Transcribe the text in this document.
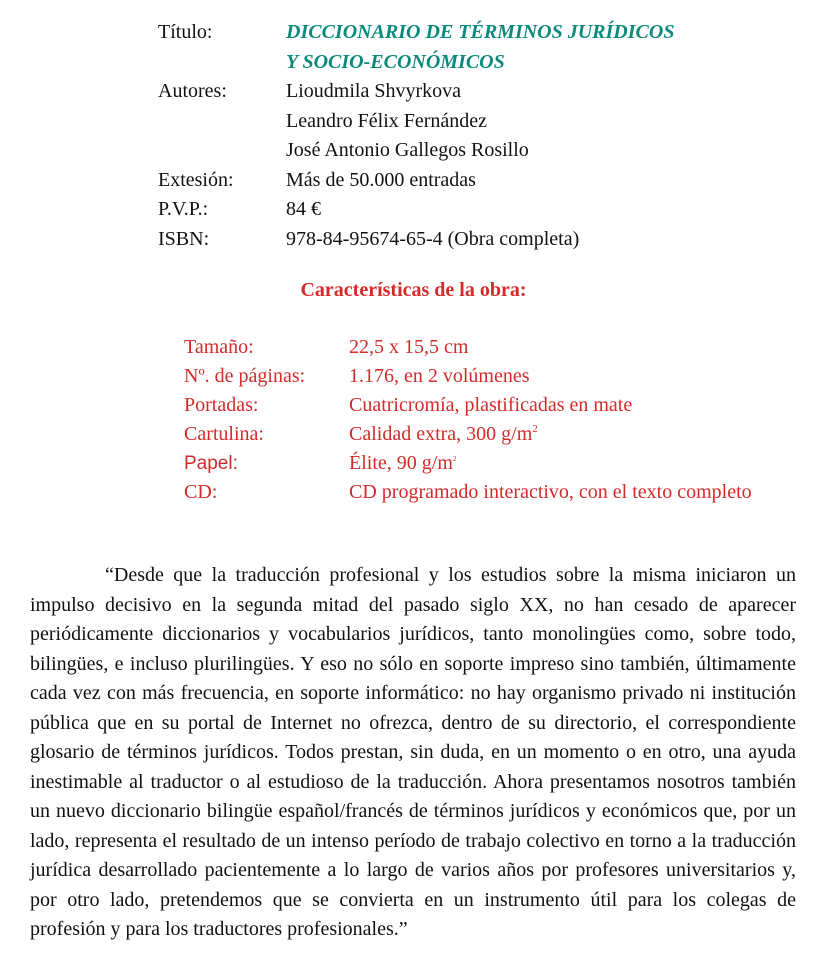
Título:	DICCIONARIO DE TÉRMINOS JURÍDICOS
Y SOCIO-ECONÓMICOS
Autores:	Lioudmila Shvyrkova
Leandro Félix Fernández
José Antonio Gallegos Rosillo
Extesión:	Más de 50.000 entradas
P.V.P.:	84 €
ISBN:	978-84-95674-65-4 (Obra completa)
Características de la obra:
Tamaño:	22,5 x 15,5 cm
Nº. de páginas:	1.176, en 2 volúmenes
Portadas:	Cuatricromía, plastificadas en mate
Cartulina:	Calidad extra, 300 $g/m^2$
Papel:	Élite, 90 $g/m^2$
CD:	CD programado interactivo, con el texto completo

“Desde que la traducción profesional y los estudios sobre la misma iniciaron un impulso decisivo en la segunda mitad del pasado siglo XX, no han cesado de aparecer periódicamente diccionarios y vocabularios jurídicos, tanto monolingües como, sobre todo, bilingües, e incluso plurilingües. Y eso no sólo en soporte impreso sino también, últimamente cada vez con más frecuencia, en soporte informático: no hay organismo privado ni institución pública que en su portal de Internet no ofrezca, dentro de su directorio, el correspondiente glosario de términos jurídicos. Todos prestan, sin duda, en un momento o en otro, una ayuda inestimable al traductor o al estudioso de la traducción. Ahora presentamos nosotros también un nuevo diccionario bilingüe español/francés de términos jurídicos y económicos que, por un lado, representa el resultado de un intenso período de trabajo colectivo en torno a la traducción jurídica desarrollado pacientemente a lo largo de varios años por profesores universitarios y, por otro lado, pretendemos que se convierta en un instrumento útil para los colegas de profesión y para los traductores profesionales.”
